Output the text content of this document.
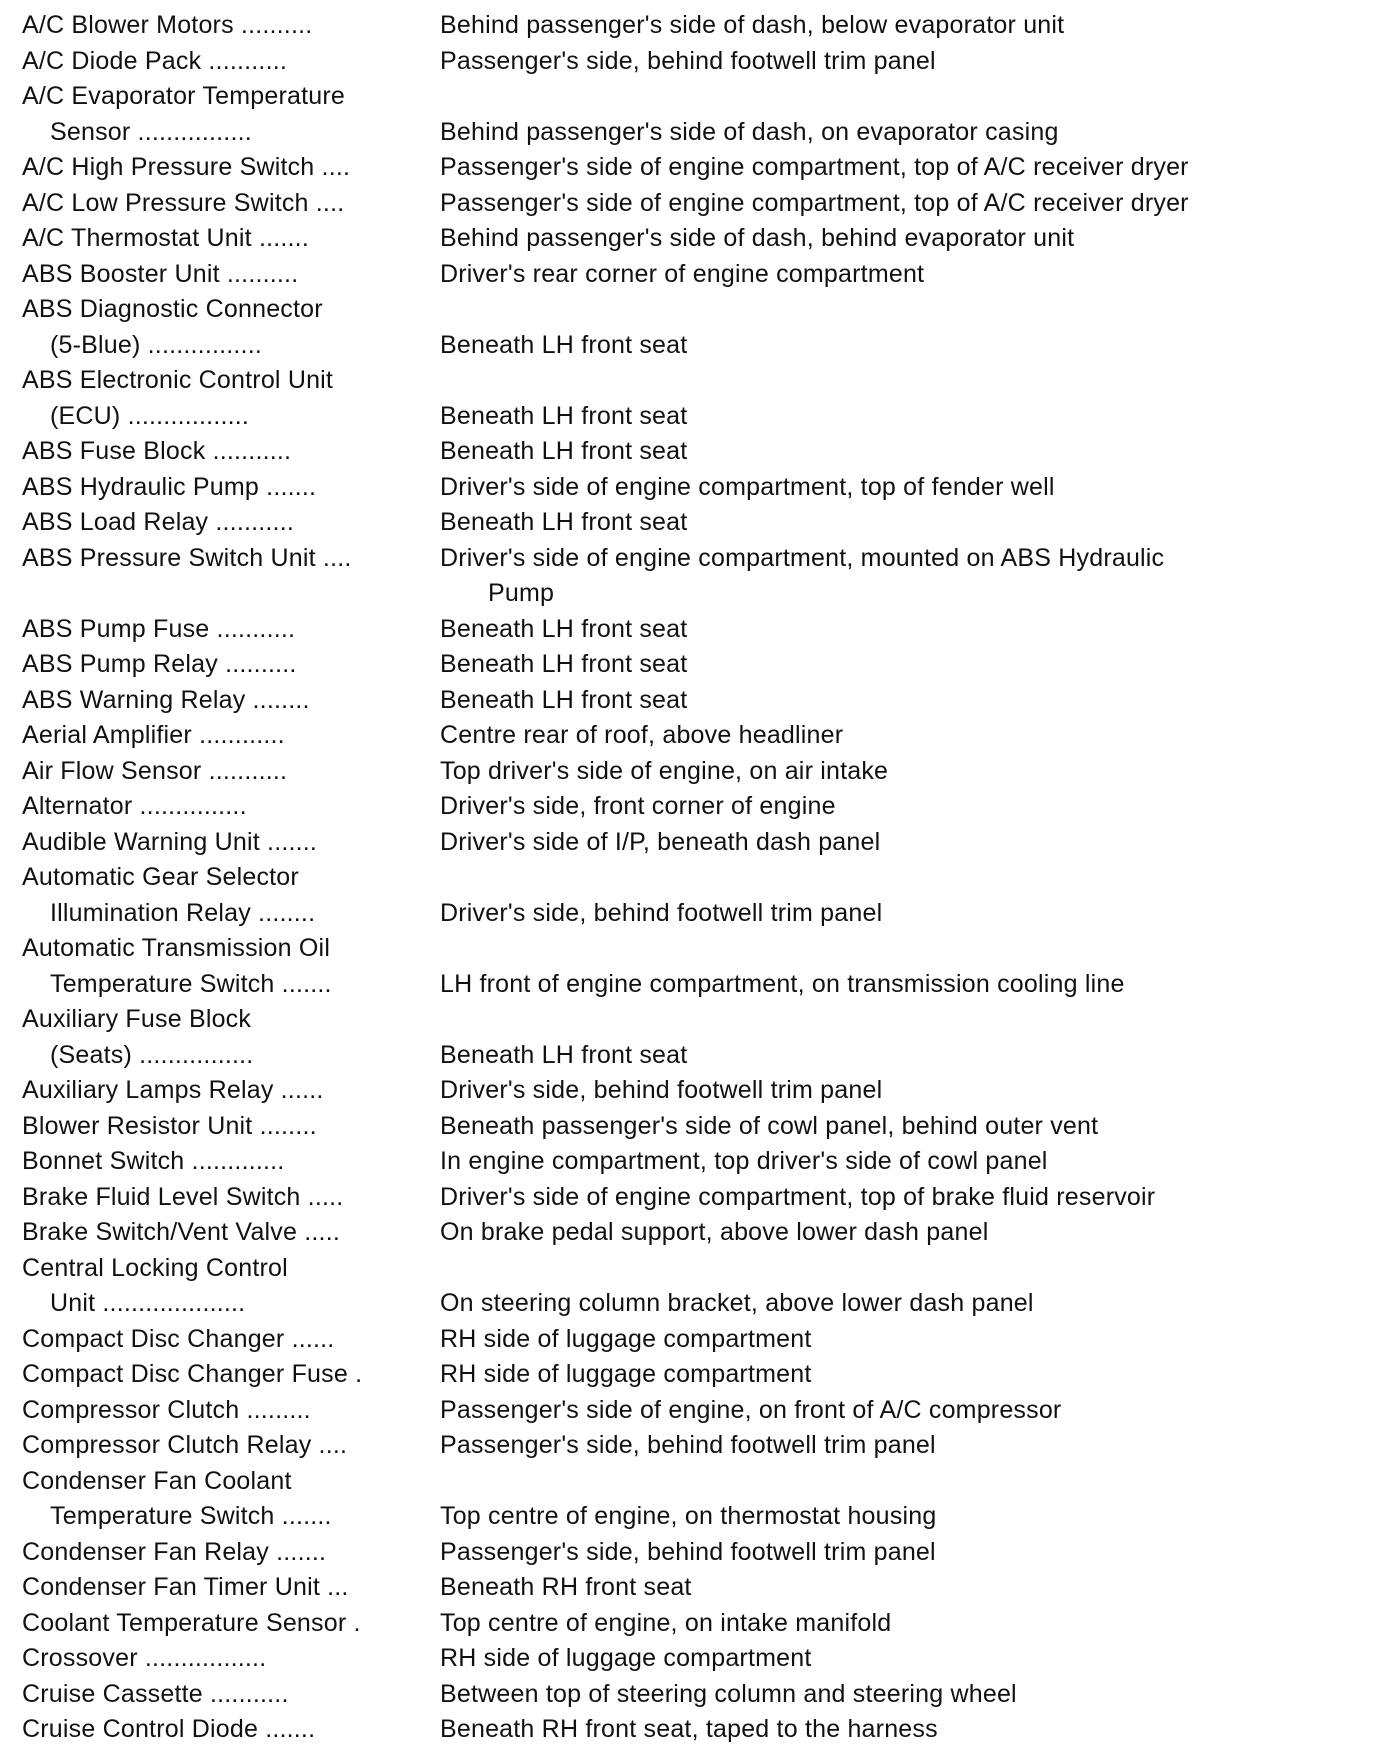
A/C Blower Motors ..........	Behind passenger's side of dash, below evaporator unit
A/C Diode Pack ...........	Passenger's side, behind footwell trim panel
A/C Evaporator Temperature
Sensor ................	Behind passenger's side of dash, on evaporator casing
A/C High Pressure Switch ....	Passenger's side of engine compartment, top of A/C receiver dryer
A/C Low Pressure Switch ....	Passenger's side of engine compartment, top of A/C receiver dryer
A/C Thermostat Unit .......	Behind passenger's side of dash, behind evaporator unit
ABS Booster Unit ..........	Driver's rear corner of engine compartment
ABS Diagnostic Connector
(5-Blue) ................	Beneath LH front seat
ABS Electronic Control Unit
(ECU) .................	Beneath LH front seat
ABS Fuse Block ...........	Beneath LH front seat
ABS Hydraulic Pump .......	Driver's side of engine compartment, top of fender well
ABS Load Relay ...........	Beneath LH front seat
ABS Pressure Switch Unit ....	Driver's side of engine compartment, mounted on ABS Hydraulic
Pump
ABS Pump Fuse ...........	Beneath LH front seat
ABS Pump Relay ..........	Beneath LH front seat
ABS Warning Relay ........	Beneath LH front seat
Aerial Amplifier ............	Centre rear of roof, above headliner
Air Flow Sensor ...........	Top driver's side of engine, on air intake
Alternator ...............	Driver's side, front corner of engine
Audible Warning Unit .......	Driver's side of I/P, beneath dash panel
Automatic Gear Selector
Illumination Relay ........	Driver's side, behind footwell trim panel
Automatic Transmission Oil
Temperature Switch .......	LH front of engine compartment, on transmission cooling line
Auxiliary Fuse Block
(Seats) ................	Beneath LH front seat
Auxiliary Lamps Relay ......	Driver's side, behind footwell trim panel
Blower Resistor Unit ........	Beneath passenger's side of cowl panel, behind outer vent
Bonnet Switch .............	In engine compartment, top driver's side of cowl panel
Brake Fluid Level Switch .....	Driver's side of engine compartment, top of brake fluid reservoir
Brake Switch/Vent Valve .....	On brake pedal support, above lower dash panel
Central Locking Control
Unit ....................	On steering column bracket, above lower dash panel
Compact Disc Changer ......	RH side of luggage compartment
Compact Disc Changer Fuse .	RH side of luggage compartment
Compressor Clutch .........	Passenger's side of engine, on front of A/C compressor
Compressor Clutch Relay ....	Passenger's side, behind footwell trim panel
Condenser Fan Coolant
Temperature Switch .......	Top centre of engine, on thermostat housing
Condenser Fan Relay .......	Passenger's side, behind footwell trim panel
Condenser Fan Timer Unit ...	Beneath RH front seat
Coolant Temperature Sensor .	Top centre of engine, on intake manifold
Crossover .................	RH side of luggage compartment
Cruise Cassette ...........	Between top of steering column and steering wheel
Cruise Control Diode .......	Beneath RH front seat, taped to the harness
